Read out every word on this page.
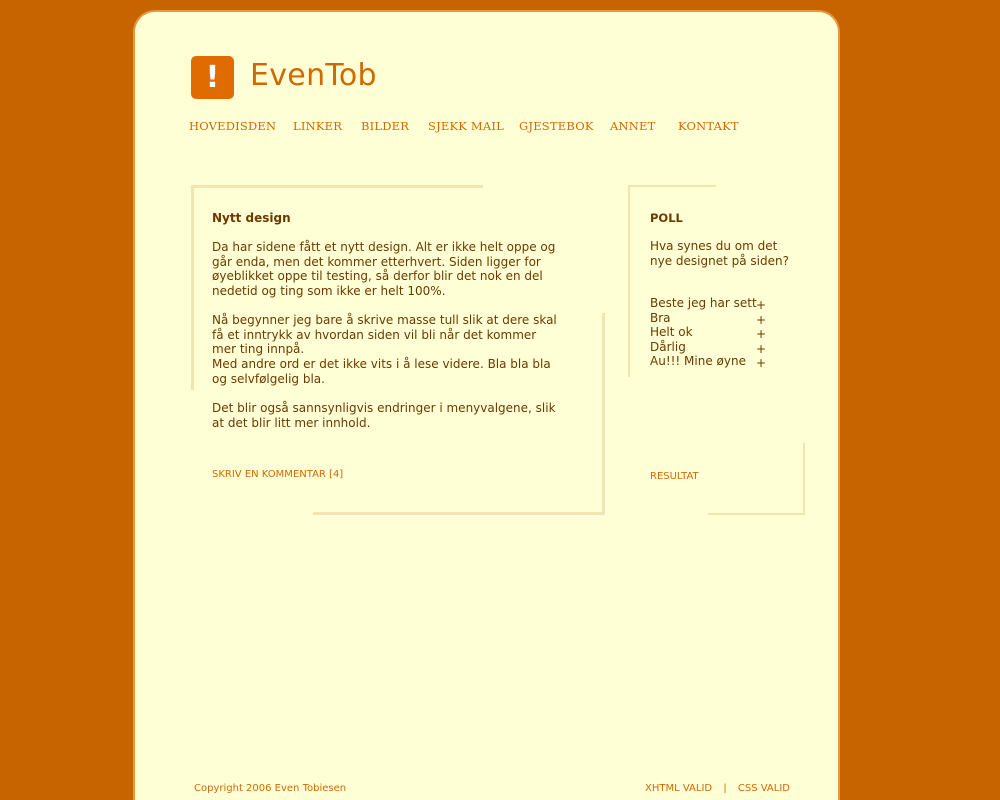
!	EvenTob
HOVEDISDEN LINKER BILDER SJEKK MAIL GJESTEBOK ANNET KONTAKT
Nytt design

Da har sidene fått et nytt design. Alt er ikke helt oppe og går enda, men det kommer etterhvert. Siden ligger for øyeblikket oppe til testing, så derfor blir det nok en del nedetid og ting som ikke er helt 100%.

Nå begynner jeg bare å skrive masse tull slik at dere skal få et inntrykk av hvordan siden vil bli når det kommer mer ting innpå.

Med andre ord er det ikke vits i å lese videre. Bla bla bla og selvfølgelig bla.

Det blir også sannsynligvis endringer i menyvalgene, slik at det blir litt mer innhold.

SKRIV EN KOMMENTAR [4]
POLL
Hva synes du om det nye designet på siden?
Beste jeg har sett +
Bra	+
Helt ok	+
Dårlig	+
Au!!! Mine øyne +
RESULTAT
Copyright 2006 Even Tobiesen	XHTML VALID | CSS VALID
